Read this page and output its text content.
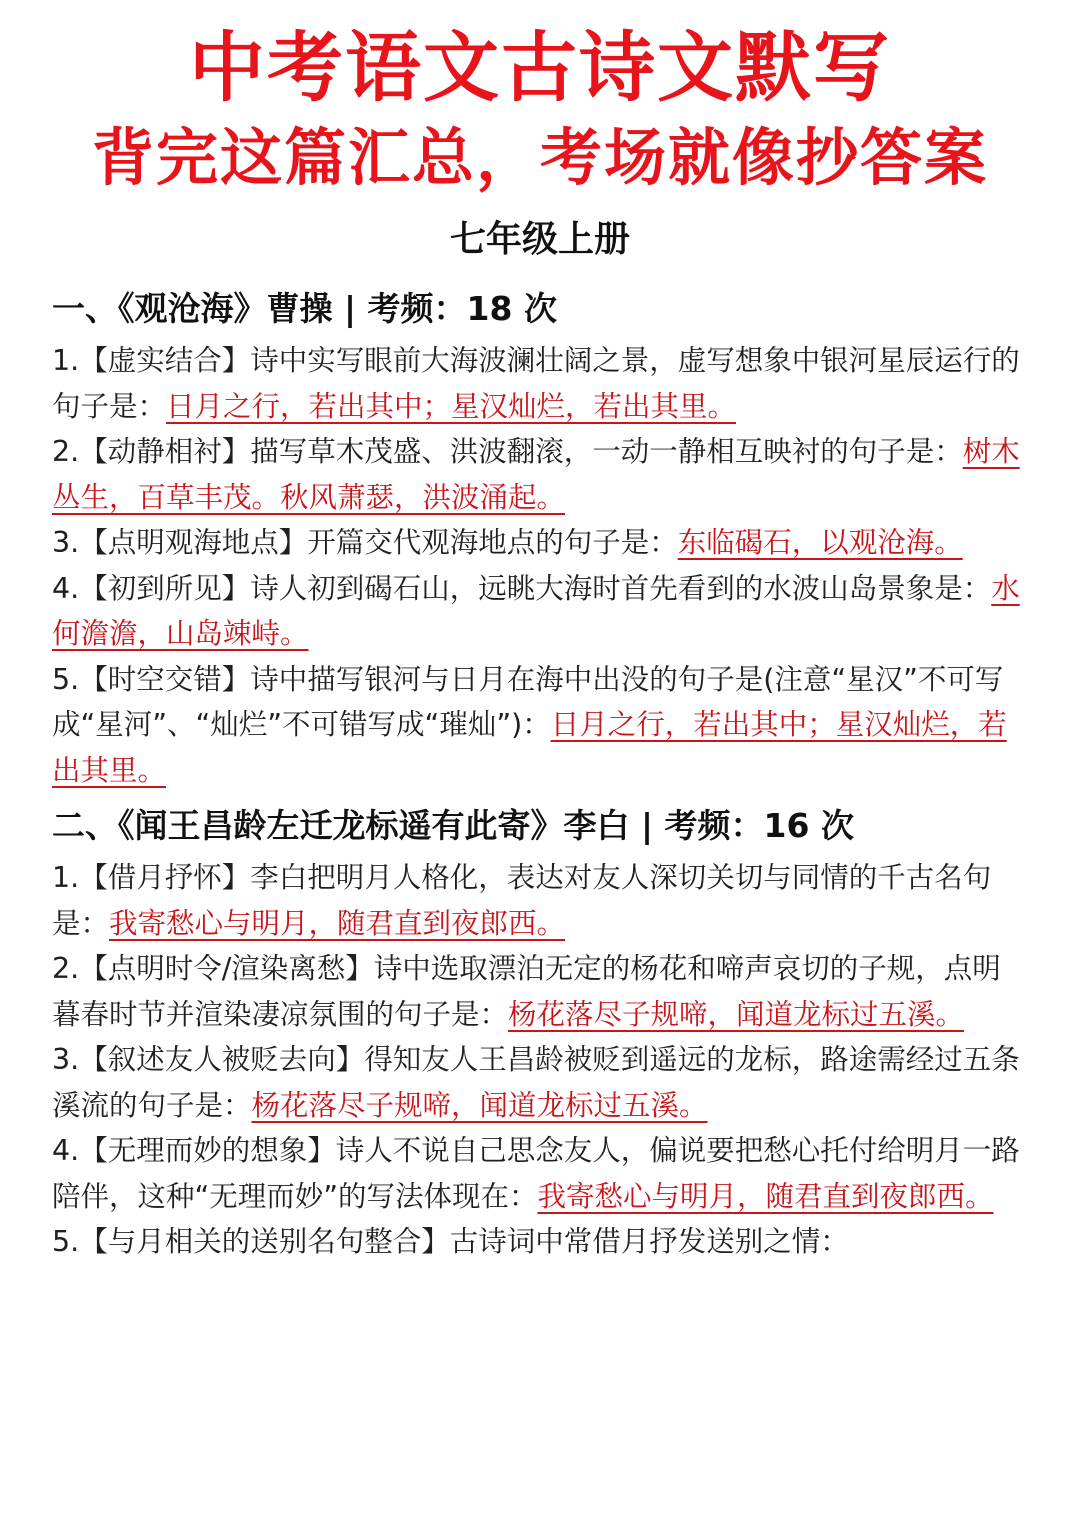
中考语文古诗文默写
背完这篇汇总，考场就像抄答案
七年级上册
一、《观沧海》曹操 | 考频：18 次

1.【虚实结合】诗中实写眼前大海波澜壮阔之景，虚写想象中银河星辰运行的句子是：日月之行，若出其中；星汉灿烂，若出其里。

2.【动静相衬】描写草木茂盛、洪波翻滚，一动一静相互映衬的句子是：树木丛生，百草丰茂。秋风萧瑟，洪波涌起。

3.【点明观海地点】开篇交代观海地点的句子是：东临碣石，以观沧海。

4.【初到所见】诗人初到碣石山，远眺大海时首先看到的水波山岛景象是：水何澹澹，山岛竦峙。

5.【时空交错】诗中描写银河与日月在海中出没的句子是(注意“星汉”不可写成“星河”、“灿烂”不可错写成“璀灿”)：日月之行，若出其中；星汉灿烂，若出其里。

二、《闻王昌龄左迁龙标遥有此寄》李白 | 考频：16 次

1.【借月抒怀】李白把明月人格化，表达对友人深切关切与同情的千古名句是：我寄愁心与明月，随君直到夜郎西。

2.【点明时令/渲染离愁】诗中选取漂泊无定的杨花和啼声哀切的子规，点明暮春时节并渲染凄凉氛围的句子是：杨花落尽子规啼，闻道龙标过五溪。

3.【叙述友人被贬去向】得知友人王昌龄被贬到遥远的龙标，路途需经过五条溪流的句子是：杨花落尽子规啼，闻道龙标过五溪。

4.【无理而妙的想象】诗人不说自己思念友人，偏说要把愁心托付给明月一路陪伴，这种“无理而妙”的写法体现在：我寄愁心与明月，随君直到夜郎西。

5.【与月相关的送别名句整合】古诗词中常借月抒发送别之情：
